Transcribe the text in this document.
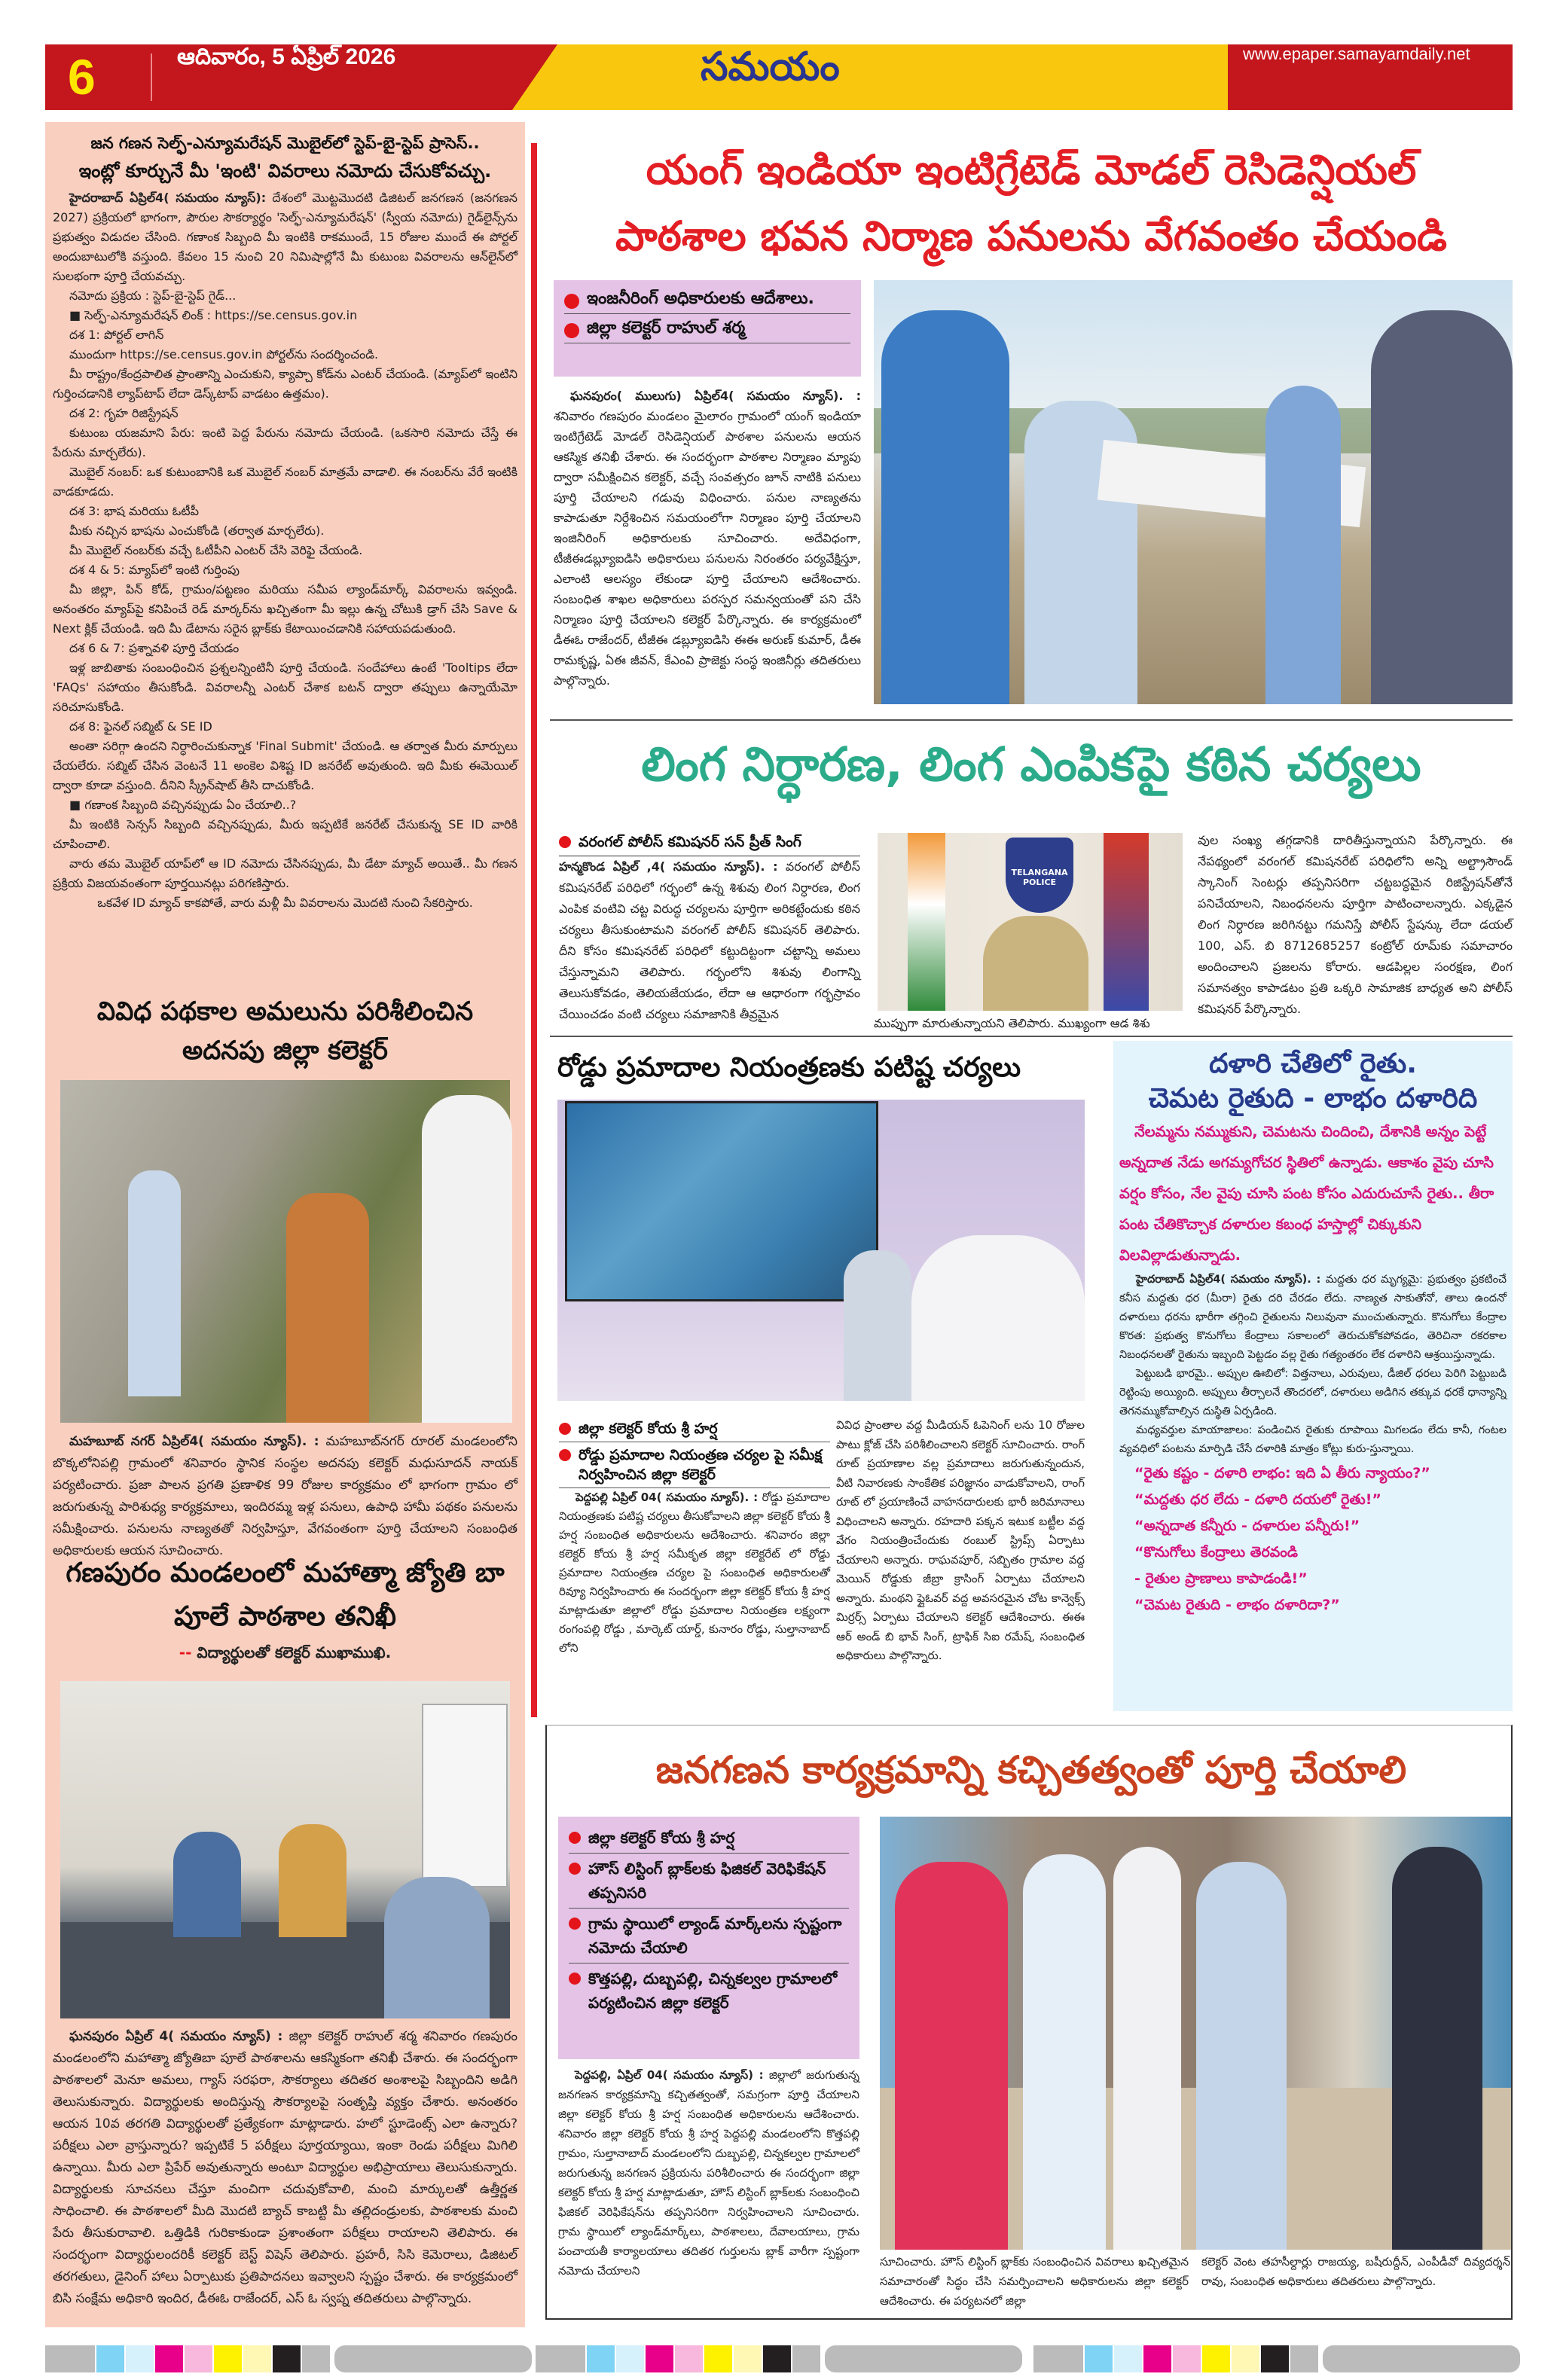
6	ఆదివారం, 5 ఏప్రిల్ 2026	సమయం	www.epaper.samayamdaily.net
జన గణన సెల్ఫ్-ఎన్యూమరేషన్ మొబైల్‌లో స్టెప్-బై-స్టెప్ ప్రాసెస్..
ఇంట్లో కూర్చునే మీ 'ఇంటి' వివరాలు నమోదు చేసుకోవచ్చు.

హైదరాబాద్ ఏప్రిల్4( సమయం న్యూస్): దేశంలో మొట్టమొదటి డిజిటల్ జనగణన (జనగణన 2027) ప్రక్రియలో భాగంగా, పౌరుల సౌకర్యార్థం 'సెల్ఫ్-ఎన్యూమరేషన్' (స్వీయ నమోదు) గైడ్‌లైన్స్‌ను ప్రభుత్వం విడుదల చేసింది. గణాంక సిబ్బంది మీ ఇంటికి రాకముందే, 15 రోజుల ముందే ఈ పోర్టల్ అందుబాటులోకి వస్తుంది. కేవలం 15 నుంచి 20 నిమిషాల్లోనే మీ కుటుంబ వివరాలను ఆన్‌లైన్‌లో సులభంగా పూర్తి చేయవచ్చు.

నమోదు ప్రక్రియ : స్టెప్-బై-స్టెప్ గైడ్...

■ సెల్ఫ్-ఎన్యూమరేషన్ లింక్ : https://se.census.gov.in

దశ 1: పోర్టల్ లాగిన్

ముందుగా https://se.census.gov.in పోర్టల్‌ను సందర్శించండి.

మీ రాష్ట్రం/కేంద్రపాలిత ప్రాంతాన్ని ఎంచుకుని, క్యాప్చా కోడ్‌ను ఎంటర్ చేయండి. (మ్యాప్‌లో ఇంటిని గుర్తించడానికి ల్యాప్‌టాప్ లేదా డెస్క్‌టాప్ వాడటం ఉత్తమం).

దశ 2: గృహ రిజిస్ట్రేషన్

కుటుంబ యజమాని పేరు: ఇంటి పెద్ద పేరును నమోదు చేయండి. (ఒకసారి నమోదు చేస్తే ఈ పేరును మార్చలేరు).

మొబైల్ నంబర్: ఒక కుటుంబానికి ఒక మొబైల్ నంబర్ మాత్రమే వాడాలి. ఈ నంబర్‌ను వేరే ఇంటికి వాడకూడదు.

దశ 3: భాష మరియు ఓటీపీ

మీకు నచ్చిన భాషను ఎంచుకోండి (తర్వాత మార్చలేరు).

మీ మొబైల్ నంబర్‌కు వచ్చే ఓటీపీని ఎంటర్ చేసి వెరిఫై చేయండి.

దశ 4 & 5: మ్యాప్‌లో ఇంటి గుర్తింపు

మీ జిల్లా, పిన్ కోడ్, గ్రామం/పట్టణం మరియు సమీప ల్యాండ్‌మార్క్ వివరాలను ఇవ్వండి. అనంతరం మ్యాప్‌పై కనిపించే రెడ్ మార్కర్‌ను ఖచ్చితంగా మీ ఇల్లు ఉన్న చోటుకి డ్రాగ్ చేసి Save & Next క్లిక్ చేయండి. ఇది మీ డేటాను సరైన బ్లాక్‌కు కేటాయించడానికి సహాయపడుతుంది.

దశ 6 & 7: ప్రశ్నావళి పూర్తి చేయడం

ఇళ్ల జాబితాకు సంబంధించిన ప్రశ్నలన్నింటినీ పూర్తి చేయండి. సందేహాలు ఉంటే 'Tooltips లేదా 'FAQs' సహాయం తీసుకోండి. వివరాలన్నీ ఎంటర్ చేశాక బటన్ ద్వారా తప్పులు ఉన్నాయేమో సరిచూసుకోండి.

దశ 8: ఫైనల్ సబ్మిట్ & SE ID

అంతా సరిగ్గా ఉందని నిర్ధారించుకున్నాక 'Final Submit' చేయండి. ఆ తర్వాత మీరు మార్పులు చేయలేరు. సబ్మిట్ చేసిన వెంటనే 11 అంకెల విశిష్ట ID జనరేట్ అవుతుంది. ఇది మీకు ఈమెయిల్ ద్వారా కూడా వస్తుంది. దీనిని స్క్రీన్‌షాట్ తీసి దాచుకోండి.

■ గణాంక సిబ్బంది వచ్చినప్పుడు ఏం చేయాలి..?

మీ ఇంటికి సెన్సస్ సిబ్బంది వచ్చినప్పుడు, మీరు ఇప్పటికే జనరేట్ చేసుకున్న SE ID వారికి చూపించాలి.

వారు తమ మొబైల్ యాప్‌లో ఆ ID నమోదు చేసినప్పుడు, మీ డేటా మ్యాచ్ అయితే.. మీ గణన ప్రక్రియ విజయవంతంగా పూర్తయినట్లు పరిగణిస్తారు.

ఒకవేళ ID మ్యాచ్ కాకపోతే, వారు మళ్లీ మీ వివరాలను మొదటి నుంచి సేకరిస్తారు.

వివిధ పథకాల అమలును పరిశీలించిన అదనపు జిల్లా కలెక్టర్

మహబూబ్ నగర్ ఏప్రిల్4( సమయం న్యూస్). : మహబూబ్‌నగర్ రూరల్ మండలంలోని బొక్కలోనిపల్లి గ్రామంలో శనివారం స్థానిక సంస్థల అదనపు కలెక్టర్ మధుసూదన్ నాయక్ పర్యటించారు. ప్రజా పాలన ప్రగతి ప్రణాళిక 99 రోజుల కార్యక్రమం లో భాగంగా గ్రామం లో జరుగుతున్న పారిశుధ్య కార్యక్రమాలు, ఇందిరమ్మ ఇళ్ల పనులు, ఉపాధి హామీ పథకం పనులను సమీక్షించారు. పనులను నాణ్యతతో నిర్వహిస్తూ, వేగవంతంగా పూర్తి చేయాలని సంబంధిత అధికారులకు ఆయన సూచించారు.

గణపురం మండలంలో మహాత్మా జ్యోతి బా పూలే పాఠశాల తనిఖీ
-- విద్యార్థులతో కలెక్టర్ ముఖాముఖి.

ఘనపురం ఏప్రిల్ 4( సమయం న్యూస్) : జిల్లా కలెక్టర్ రాహుల్ శర్మ శనివారం గణపురం మండలంలోని మహాత్మా జ్యోతిబా పూలే పాఠశాలను ఆకస్మికంగా తనిఖీ చేశారు. ఈ సందర్భంగా పాఠశాలలో మెనూ అమలు, గ్యాస్ సరఫరా, సౌకర్యాలు తదితర అంశాలపై సిబ్బందిని అడిగి తెలుసుకున్నారు. విద్యార్థులకు అందిస్తున్న సౌకర్యాలపై సంతృప్తి వ్యక్తం చేశారు. అనంతరం ఆయన 10వ తరగతి విద్యార్థులతో ప్రత్యేకంగా మాట్లాడారు. హలో స్టూడెంట్స్ ఎలా ఉన్నారు? పరీక్షలు ఎలా వ్రాస్తున్నారు? ఇప్పటికే 5 పరీక్షలు పూర్తయ్యాయి, ఇంకా రెండు పరీక్షలు మిగిలి ఉన్నాయి. మీరు ఎలా ప్రిపేర్ అవుతున్నారు అంటూ విద్యార్థుల అభిప్రాయాలు తెలుసుకున్నారు. విద్యార్థులకు సూచనలు చేస్తూ మంచిగా చదువుకోవాలి, మంచి మార్కులతో ఉత్తీర్ణత సాధించాలి. ఈ పాఠశాలలో మీది మొదటి బ్యాచ్ కాబట్టి మీ తల్లిదండ్రులకు, పాఠశాలకు మంచి పేరు తీసుకురావాలి. ఒత్తిడికి గురికాకుండా ప్రశాంతంగా పరీక్షలు రాయాలని తెలిపారు. ఈ సందర్భంగా విద్యార్థులందరికీ కలెక్టర్ బెస్ట్ విషెస్ తెలిపారు. ప్రహరీ, సిసి కెమెరాలు, డిజిటల్ తరగతులు, డైనింగ్ హాలు ఏర్పాటుకు ప్రతిపాదనలు ఇవ్వాలని స్పష్టం చేశారు. ఈ కార్యక్రమంలో బిసి సంక్షేమ అధికారి ఇందిర, డీఈఓ రాజేందర్, ఎస్ ఓ స్వప్న తదితరులు పాల్గొన్నారు.

యంగ్ ఇండియా ఇంటిగ్రేటెడ్ మోడల్ రెసిడెన్షియల్
పాఠశాల భవన నిర్మాణ పనులను వేగవంతం చేయండి
ఇంజనీరింగ్ అధికారులకు ఆదేశాలు.
జిల్లా కలెక్టర్ రాహుల్ శర్మ

ఘనపురం( ములుగు) ఏప్రిల్4( సమయం న్యూస్). : శనివారం గణపురం మండలం మైలారం గ్రామంలో యంగ్ ఇండియా ఇంటిగ్రేటెడ్ మోడల్ రెసిడెన్షియల్ పాఠశాల పనులను ఆయన ఆకస్మిక తనిఖీ చేశారు. ఈ సందర్భంగా పాఠశాల నిర్మాణం మ్యాపు ద్వారా సమీక్షించిన కలెక్టర్, వచ్చే సంవత్సరం జూన్ నాటికి పనులు పూర్తి చేయాలని గడువు విధించారు. పనుల నాణ్యతను కాపాడుతూ నిర్దేశించిన సమయంలోగా నిర్మాణం పూర్తి చేయాలని ఇంజినీరింగ్ అధికారులకు సూచించారు. అదేవిధంగా, టీజీఈడబ్ల్యూఐడిసి అధికారులు పనులను నిరంతరం పర్యవేక్షిస్తూ, ఎలాంటి ఆలస్యం లేకుండా పూర్తి చేయాలని ఆదేశించారు. సంబంధిత శాఖల అధికారులు పరస్పర సమన్వయంతో పని చేసి నిర్మాణం పూర్తి చేయాలని కలెక్టర్ పేర్కొన్నారు. ఈ కార్యక్రమంలో డీఈఓ రాజేందర్, టీజీఈ డబ్ల్యూఐడిసి ఈఈ అరుణ్ కుమార్, డీఈ రామకృష్ణ, ఏఈ జీవన్, కేఎంవి ప్రాజెక్టు సంస్థ ఇంజినీర్లు తదితరులు పాల్గొన్నారు.

లింగ నిర్ధారణ, లింగ ఎంపికపై కఠిన చర్యలు
వరంగల్ పోలీస్ కమిషనర్ సన్ ప్రీత్ సింగ్

హన్మకొండ ఏప్రిల్ ,4( సమయం న్యూస్). : వరంగల్ పోలీస్ కమిషనరేట్ పరిధిలో గర్భంలో ఉన్న శిశువు లింగ నిర్ధారణ, లింగ ఎంపిక వంటివి చట్ట విరుద్ధ చర్యలను పూర్తిగా అరికట్టేందుకు కఠిన చర్యలు తీసుకుంటామని వరంగల్ పోలీస్ కమిషనర్ తెలిపారు. దీని కోసం కమిషనరేట్ పరిధిలో కట్టుదిట్టంగా చట్టాన్ని అమలు చేస్తున్నామని తెలిపారు. గర్భంలోని శిశువు లింగాన్ని తెలుసుకోవడం, తెలియజేయడం, లేదా ఆ ఆధారంగా గర్భస్రావం చేయించడం వంటి చర్యలు సమాజానికి తీవ్రమైన

TELANGANA POLICE
ముప్పుగా మారుతున్నాయని తెలిపారు. ముఖ్యంగా ఆడ శిశు

వుల సంఖ్య తగ్గడానికి దారితీస్తున్నాయని పేర్కొన్నారు. ఈ నేపథ్యంలో వరంగల్ కమిషనరేట్ పరిధిలోని అన్ని అల్ట్రాసౌండ్ స్కానింగ్ సెంటర్లు తప్పనిసరిగా చట్టబద్ధమైన రిజిస్ట్రేషన్‌తోనే పనిచేయాలని, నిబంధనలను పూర్తిగా పాటించాలన్నారు. ఎక్కడైన లింగ నిర్ధారణ జరిగినట్టు గమనిస్తే పోలీస్ స్టేషన్కు లేదా డయల్ 100, ఎస్. బి 8712685257 కంట్రోల్ రూమ్‌కు సమాచారం అందించాలని ప్రజలను కోరారు. ఆడపిల్లల సంరక్షణ, లింగ సమానత్వం కాపాడటం ప్రతి ఒక్కరి సామాజిక బాధ్యత అని పోలీస్ కమిషనర్ పేర్కొన్నారు.

రోడ్డు ప్రమాదాల నియంత్రణకు పటిష్ట చర్యలు
జిల్లా కలెక్టర్ కోయ శ్రీ హర్ష
రోడ్డు ప్రమాదాల నియంత్రణ చర్యల పై సమీక్ష నిర్వహించిన జిల్లా కలెక్టర్

పెద్దపల్లి ఏప్రిల్ 04( సమయం న్యూస్). : రోడ్డు ప్రమాదాల నియంత్రణకు పటిష్ట చర్యలు తీసుకోవాలని జిల్లా కలెక్టర్ కోయ శ్రీ హర్ష సంబంధిత అధికారులను ఆదేశించారు. శనివారం జిల్లా కలెక్టర్ కోయ శ్రీ హర్ష సమీకృత జిల్లా కలెక్టరేట్ లో రోడ్డు ప్రమాదాల నియంత్రణ చర్యల పై సంబంధిత అధికారులతో రివ్యూ నిర్వహించారు ఈ సందర్భంగా జిల్లా కలెక్టర్ కోయ శ్రీ హర్ష మాట్లాడుతూ జిల్లాలో రోడ్డు ప్రమాదాల నియంత్రణ లక్ష్యంగా రంగంపల్లి రోడ్డు , మార్కెట్ యార్డ్, కునారం రోడ్డు, సుల్తానాబాద్ లోని

వివిధ ప్రాంతాల వద్ద మీడియన్ ఓపెనింగ్ లను 10 రోజుల పాటు క్లోజ్ చేసి పరిశీలించాలని కలెక్టర్ సూచించారు. రాంగ్ రూట్ ప్రయాణాల వల్ల ప్రమాదాలు జరుగుతున్నందున, వీటి నివారణకు సాంకేతిక పరిజ్ఞానం వాడుకోవాలని, రాంగ్ రూట్ లో ప్రయాణించే వాహనదారులకు భారీ జరిమానాలు విధించాలని అన్నారు. రహదారి పక్కన ఇటుక బట్టీల వద్ద వేగం నియంత్రించేందుకు రంబుల్ స్ట్రిప్స్ ఏర్పాటు చేయాలని అన్నారు. రాఘవపూర్, సబ్బితం గ్రామాల వద్ద మెయిన్ రోడ్డుకు జీబ్రా క్రాసింగ్ ఏర్పాటు చేయాలని అన్నారు. మంథని ఫ్లైఓవర్ వద్ద అవసరమైన చోట కాన్వెక్స్ మిర్రర్స్ ఏర్పాటు చేయాలని కలెక్టర్ ఆదేశించారు. ఈఈ ఆర్ అండ్ బి భావ్ సింగ్, ట్రాఫిక్ సిఐ రమేష్, సంబంధిత అధికారులు పాల్గొన్నారు.

దళారి చేతిలో రైతు.
చెమట రైతుది - లాభం దళారిది
నేలమ్మను నమ్ముకుని, చెమటను చిందించి, దేశానికి అన్నం పెట్టే అన్నదాత నేడు అగమ్యగోచర స్థితిలో ఉన్నాడు. ఆకాశం వైపు చూసి వర్షం కోసం, నేల వైపు చూసి పంట కోసం ఎదురుచూసే రైతు.. తీరా పంట చేతికొచ్చాక దళారుల కబంధ హస్తాల్లో చిక్కుకుని విలవిల్లాడుతున్నాడు.

హైదరాబాద్ ఏప్రిల్4( సమయం న్యూస్). : మద్దతు ధర మృగ్యమై: ప్రభుత్వం ప్రకటించే కనీస మద్దతు ధర (మీరా) రైతు దరి చేరడం లేదు. నాణ్యత సాకుతోనో, తాలు ఉందనో దళారులు ధరను భారీగా తగ్గించి రైతులను నిలువునా ముంచుతున్నారు. కొనుగోలు కేంద్రాల కొరత: ప్రభుత్వ కొనుగోలు కేంద్రాలు సకాలంలో తెరుచుకోకపోవడం, తెరిచినా రకరకాల నిబంధనలతో రైతును ఇబ్బంది పెట్టడం వల్ల రైతు గత్యంతరం లేక దళారిని ఆశ్రయిస్తున్నాడు.

పెట్టుబడి భారమై.. అప్పుల ఊబిలో: విత్తనాలు, ఎరువులు, డీజిల్ ధరలు పెరిగి పెట్టుబడి రెట్టింపు అయ్యింది. అప్పులు తీర్చాలనే తొందరలో, దళారులు అడిగిన తక్కువ ధరకే ధాన్యాన్ని తెగనమ్ముకోవాల్సిన దుస్థితి ఏర్పడింది.

మధ్యవర్తుల మాయాజాలం: పండించిన రైతుకు రూపాయి మిగలడం లేదు కానీ, గంటల వ్యవధిలో పంటను మార్పిడి చేసే దళారికి మాత్రం కోట్లు కురు-స్తున్నాయి.

“రైతు కష్టం - దళారి లాభం: ఇది ఏ తీరు న్యాయం?”
“మద్దతు ధర లేదు - దళారి దయలో రైతు!”
“అన్నదాత కన్నీరు - దళారుల పన్నీరు!”
“కొనుగోలు కేంద్రాలు తెరవండి
- రైతుల ప్రాణాలు కాపాడండి!”
“చెమట రైతుది - లాభం దళారిదా?”
జనగణన కార్యక్రమాన్ని కచ్చితత్వంతో పూర్తి చేయాలి
జిల్లా కలెక్టర్ కోయ శ్రీ హర్ష
హౌస్ లిస్టింగ్ బ్లాక్‌లకు ఫిజికల్ వెరిఫికేషన్ తప్పనిసరి
గ్రామ స్థాయిలో ల్యాండ్ మార్క్‌లను స్పష్టంగా నమోదు చేయాలి
కొత్తపల్లి, దుబ్బపల్లి, చిన్నకల్వల గ్రామాలలో పర్యటించిన జిల్లా కలెక్టర్

పెద్దపల్లి, ఏప్రిల్ 04( సమయం న్యూస్) : జిల్లాలో జరుగుతున్న జనగణన కార్యక్రమాన్ని కచ్చితత్వంతో, సమగ్రంగా పూర్తి చేయాలని జిల్లా కలెక్టర్ కోయ శ్రీ హర్ష సంబంధిత అధికారులను ఆదేశించారు. శనివారం జిల్లా కలెక్టర్ కోయ శ్రీ హర్ష పెద్దపల్లి మండలంలోని కొత్తపల్లి గ్రామం, సుల్తానాబాద్ మండలంలోని దుబ్బపల్లి, చిన్నకల్వల గ్రామాలలో జరుగుతున్న జనగణన ప్రక్రియను పరిశీలించారు ఈ సందర్భంగా జిల్లా కలెక్టర్ కోయ శ్రీ హర్ష మాట్లాడుతూ, హౌస్ లిస్టింగ్ బ్లాక్‌లకు సంబంధించి ఫిజికల్ వెరిఫికేషన్‌ను తప్పనిసరిగా నిర్వహించాలని సూచించారు. గ్రామ స్థాయిలో ల్యాండ్‌మార్క్‌లు, పాఠశాలలు, దేవాలయాలు, గ్రామ పంచాయతీ కార్యాలయాలు తదితర గుర్తులను బ్లాక్ వారీగా స్పష్టంగా నమోదు చేయాలని

సూచించారు. హౌస్ లిస్టింగ్ బ్లాక్‌కు సంబంధించిన వివరాలు ఖచ్చితమైన సమాచారంతో సిద్ధం చేసి సమర్పించాలని అధికారులను జిల్లా కలెక్టర్ ఆదేశించారు. ఈ పర్యటనలో జిల్లా

కలెక్టర్ వెంట తహసీల్దార్లు రాజయ్య, బషీరుద్దీన్, ఎంపీడీవో దివ్యదర్శన్ రావు, సంబంధిత అధికారులు తదితరులు పాల్గొన్నారు.
